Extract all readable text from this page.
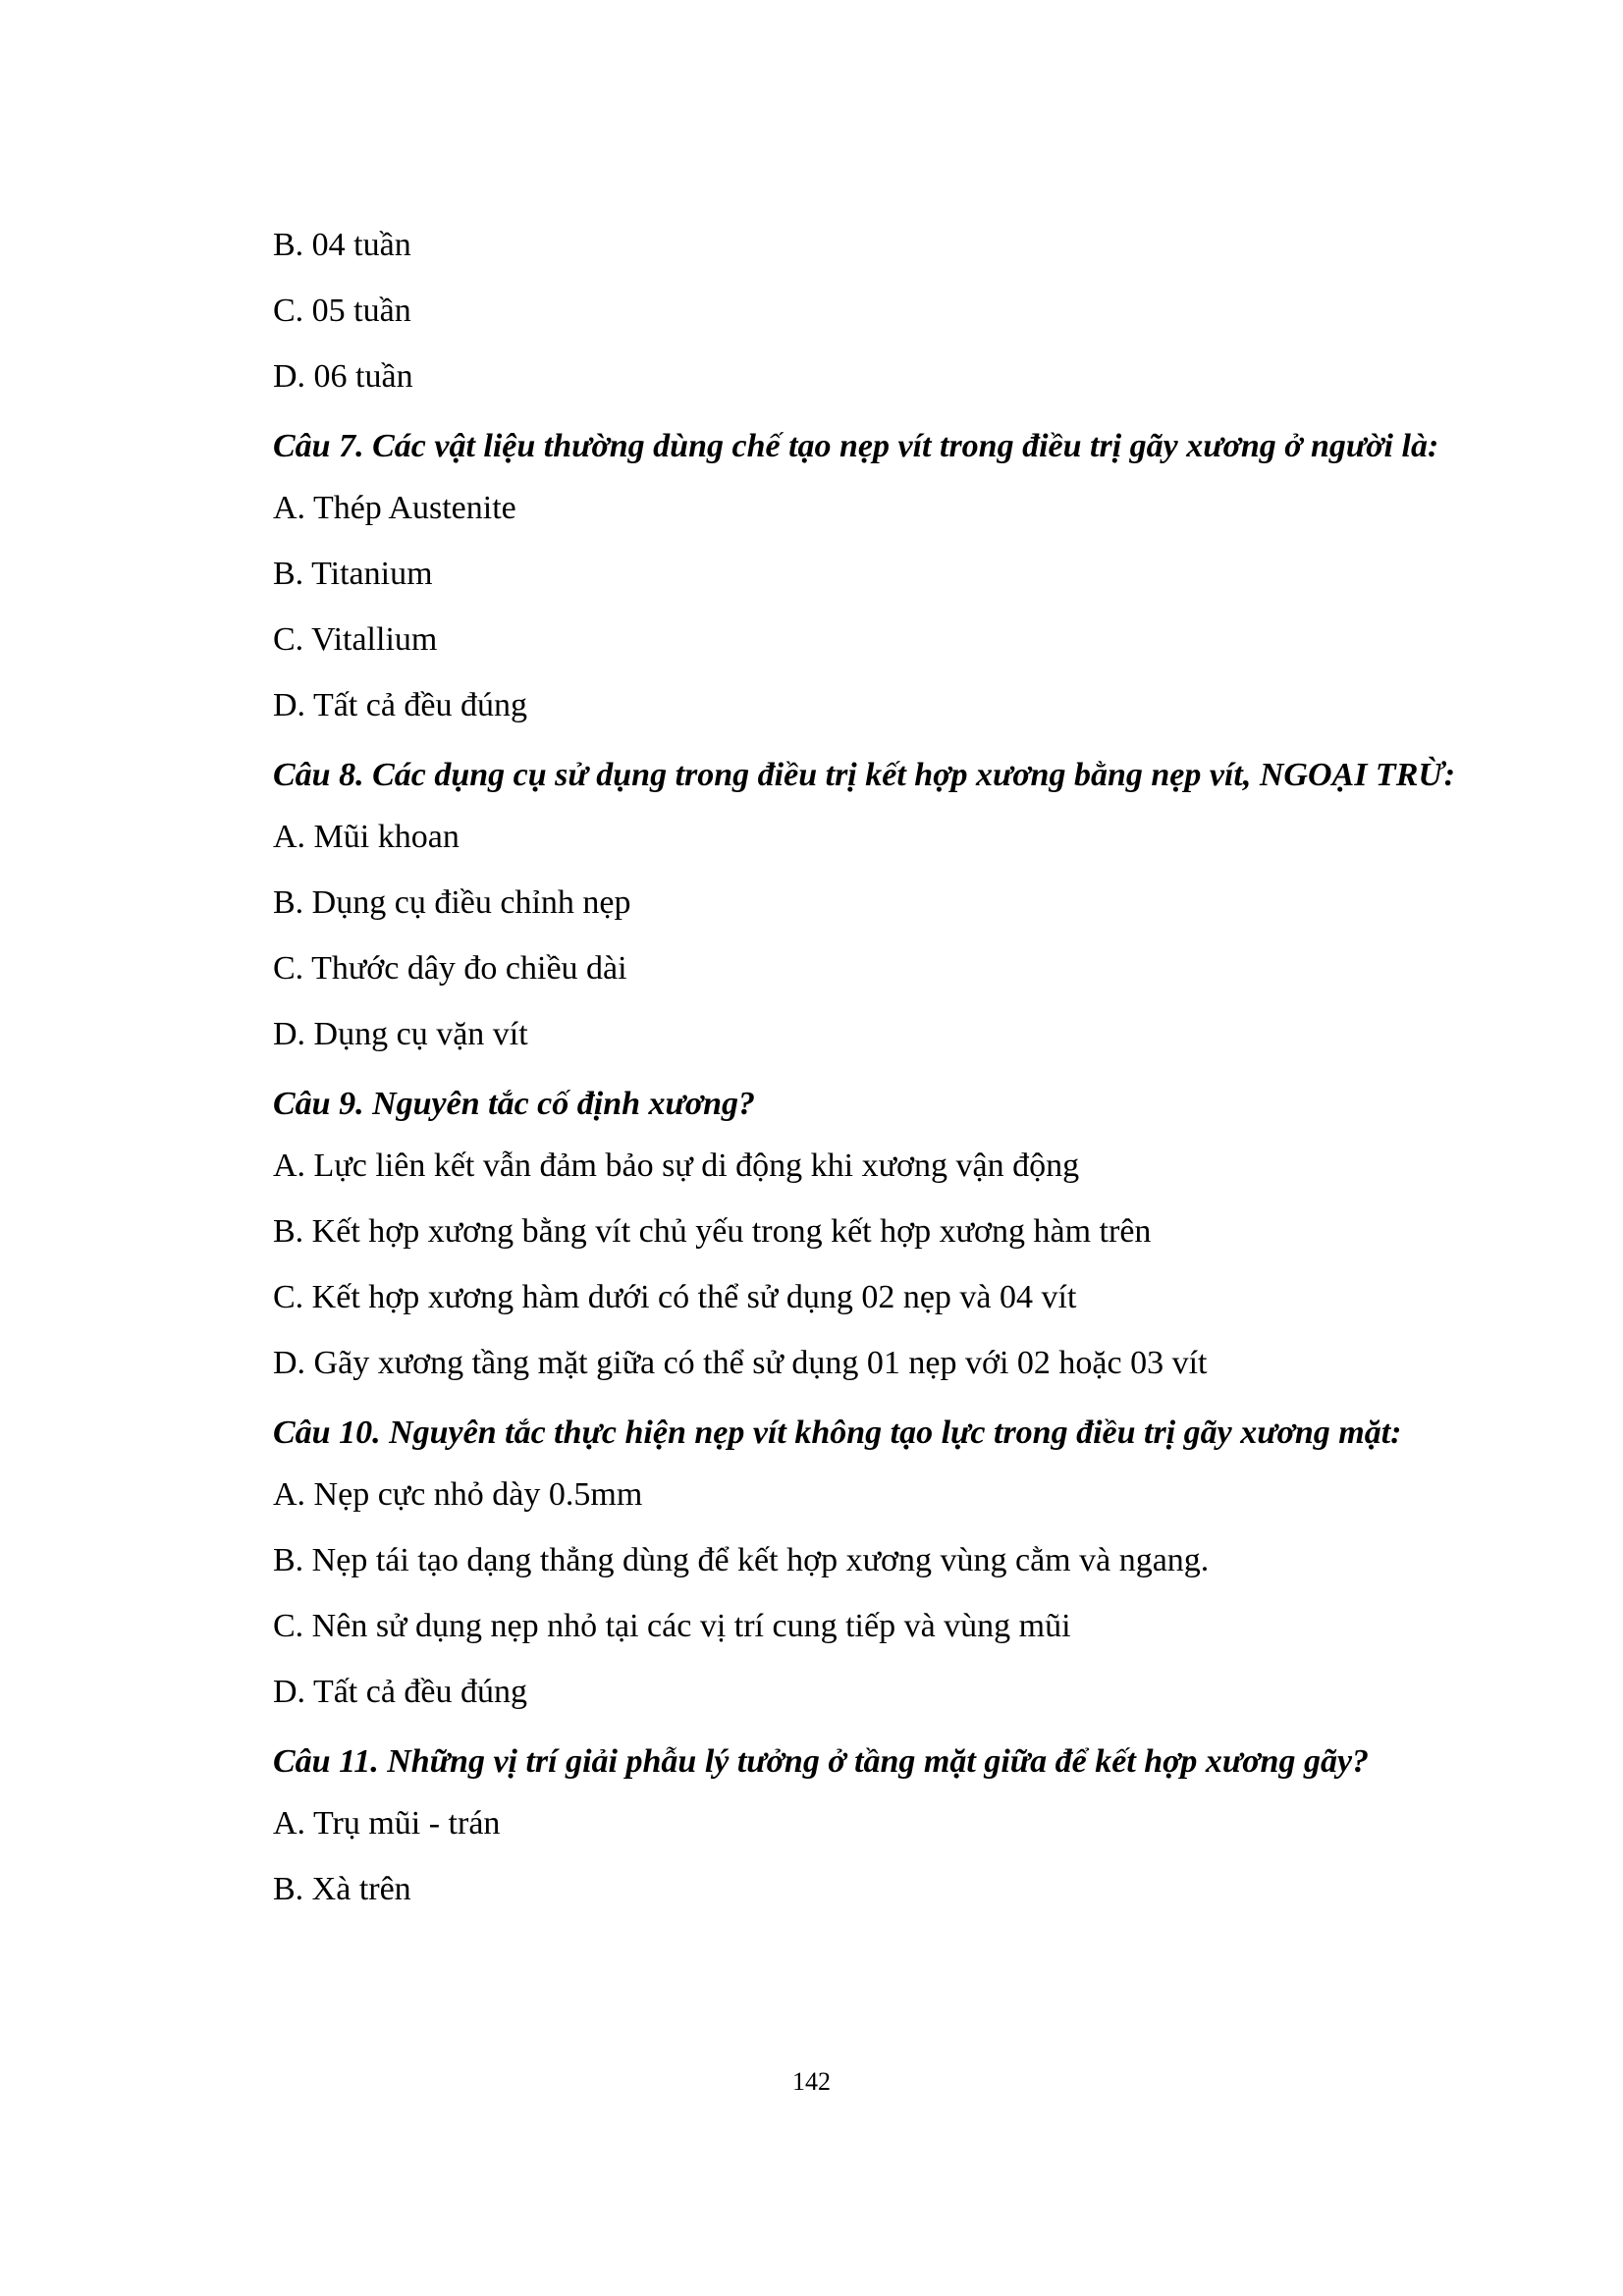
B. 04 tuần
C. 05 tuần
D. 06 tuần
Câu 7. Các vật liệu thường dùng chế tạo nẹp vít trong điều trị gãy xương ở người là:
A. Thép Austenite
B. Titanium
C. Vitallium
D. Tất cả đều đúng
Câu 8. Các dụng cụ sử dụng trong điều trị kết hợp xương bằng nẹp vít, NGOẠI TRỪ:
A. Mũi khoan
B. Dụng cụ điều chỉnh nẹp
C. Thước dây đo chiều dài
D. Dụng cụ vặn vít
Câu 9. Nguyên tắc cố định xương?
A. Lực liên kết vẫn đảm bảo sự di động khi xương vận động
B. Kết hợp xương bằng vít chủ yếu trong kết hợp xương hàm trên
C. Kết hợp xương hàm dưới có thể sử dụng 02 nẹp và 04 vít
D. Gãy xương tầng mặt giữa có thể sử dụng 01 nẹp với 02 hoặc 03 vít
Câu 10. Nguyên tắc thực hiện nẹp vít không tạo lực trong điều trị gãy xương mặt:
A. Nẹp cực nhỏ dày 0.5mm
B. Nẹp tái tạo dạng thẳng dùng để kết hợp xương vùng cằm và ngang.
C. Nên sử dụng nẹp nhỏ tại các vị trí cung tiếp và vùng mũi
D. Tất cả đều đúng
Câu 11. Những vị trí giải phẫu lý tưởng ở tầng mặt giữa để kết hợp xương gãy?
A. Trụ mũi - trán
B. Xà trên
142
